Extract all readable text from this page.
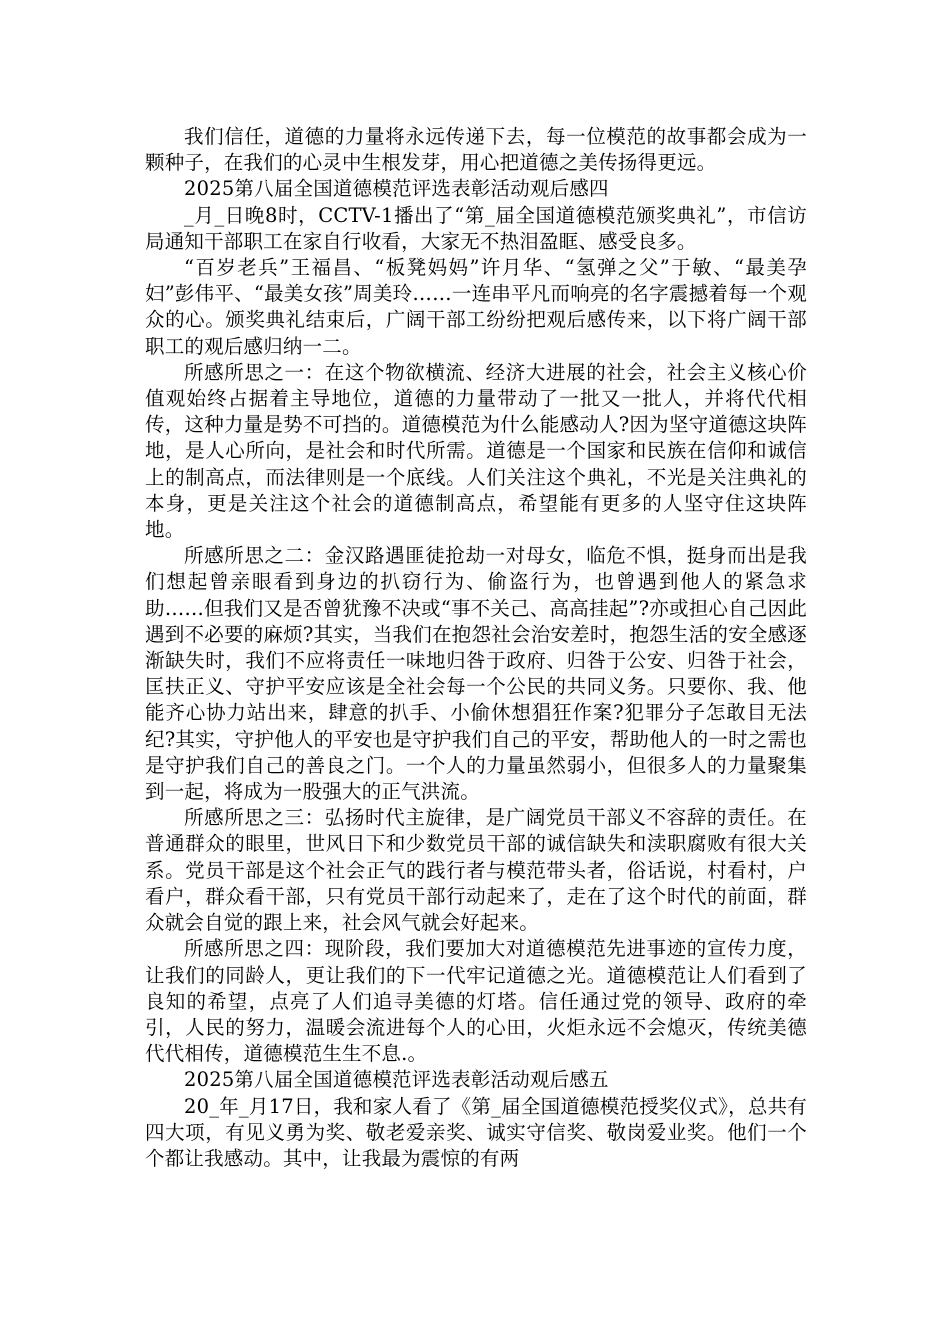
我们信任，道德的力量将永远传递下去，每一位模范的故事都会成为一颗种子，在我们的心灵中生根发芽，用心把道德之美传扬得更远。

2025第八届全国道德模范评选表彰活动观后感四

_月_日晚8时，CCTV-1播出了“第_届全国道德模范颁奖典礼”，市信访局通知干部职工在家自行收看，大家无不热泪盈眶、感受良多。

“百岁老兵”王福昌、“板凳妈妈”许月华、“氢弹之父”于敏、“最美孕妇”彭伟平、“最美女孩”周美玲……一连串平凡而响亮的名字震撼着每一个观众的心。颁奖典礼结束后，广阔干部工纷纷把观后感传来，以下将广阔干部职工的观后感归纳一二。

所感所思之一：在这个物欲横流、经济大进展的社会，社会主义核心价值观始终占据着主导地位，道德的力量带动了一批又一批人，并将代代相传，这种力量是势不可挡的。道德模范为什么能感动人?因为坚守道德这块阵地，是人心所向，是社会和时代所需。道德是一个国家和民族在信仰和诚信上的制高点，而法律则是一个底线。人们关注这个典礼，不光是关注典礼的本身，更是关注这个社会的道德制高点，希望能有更多的人坚守住这块阵地。

所感所思之二：金汉路遇匪徒抢劫一对母女，临危不惧，挺身而出是我们想起曾亲眼看到身边的扒窃行为、偷盗行为，也曾遇到他人的紧急求助……但我们又是否曾犹豫不决或“事不关己、高高挂起”?亦或担心自己因此遇到不必要的麻烦?其实，当我们在抱怨社会治安差时，抱怨生活的安全感逐渐缺失时，我们不应将责任一味地归咎于政府、归咎于公安、归咎于社会，匡扶正义、守护平安应该是全社会每一个公民的共同义务。只要你、我、他能齐心协力站出来，肆意的扒手、小偷休想猖狂作案?犯罪分子怎敢目无法纪?其实，守护他人的平安也是守护我们自己的平安，帮助他人的一时之需也是守护我们自己的善良之门。一个人的力量虽然弱小，但很多人的力量聚集到一起，将成为一股强大的正气洪流。

所感所思之三：弘扬时代主旋律，是广阔党员干部义不容辞的责任。在普通群众的眼里，世风日下和少数党员干部的诚信缺失和渎职腐败有很大关系。党员干部是这个社会正气的践行者与模范带头者，俗话说，村看村，户看户，群众看干部，只有党员干部行动起来了，走在了这个时代的前面，群众就会自觉的跟上来，社会风气就会好起来。

所感所思之四：现阶段，我们要加大对道德模范先进事迹的宣传力度，让我们的同龄人，更让我们的下一代牢记道德之光。道德模范让人们看到了良知的希望，点亮了人们追寻美德的灯塔。信任通过党的领导、政府的牵引，人民的努力，温暖会流进每个人的心田，火炬永远不会熄灭，传统美德代代相传，道德模范生生不息.。

2025第八届全国道德模范评选表彰活动观后感五

20_年_月17日，我和家人看了《第_届全国道德模范授奖仪式》，总共有四大项，有见义勇为奖、敬老爱亲奖、诚实守信奖、敬岗爱业奖。他们一个个都让我感动。其中，让我最为震惊的有两
